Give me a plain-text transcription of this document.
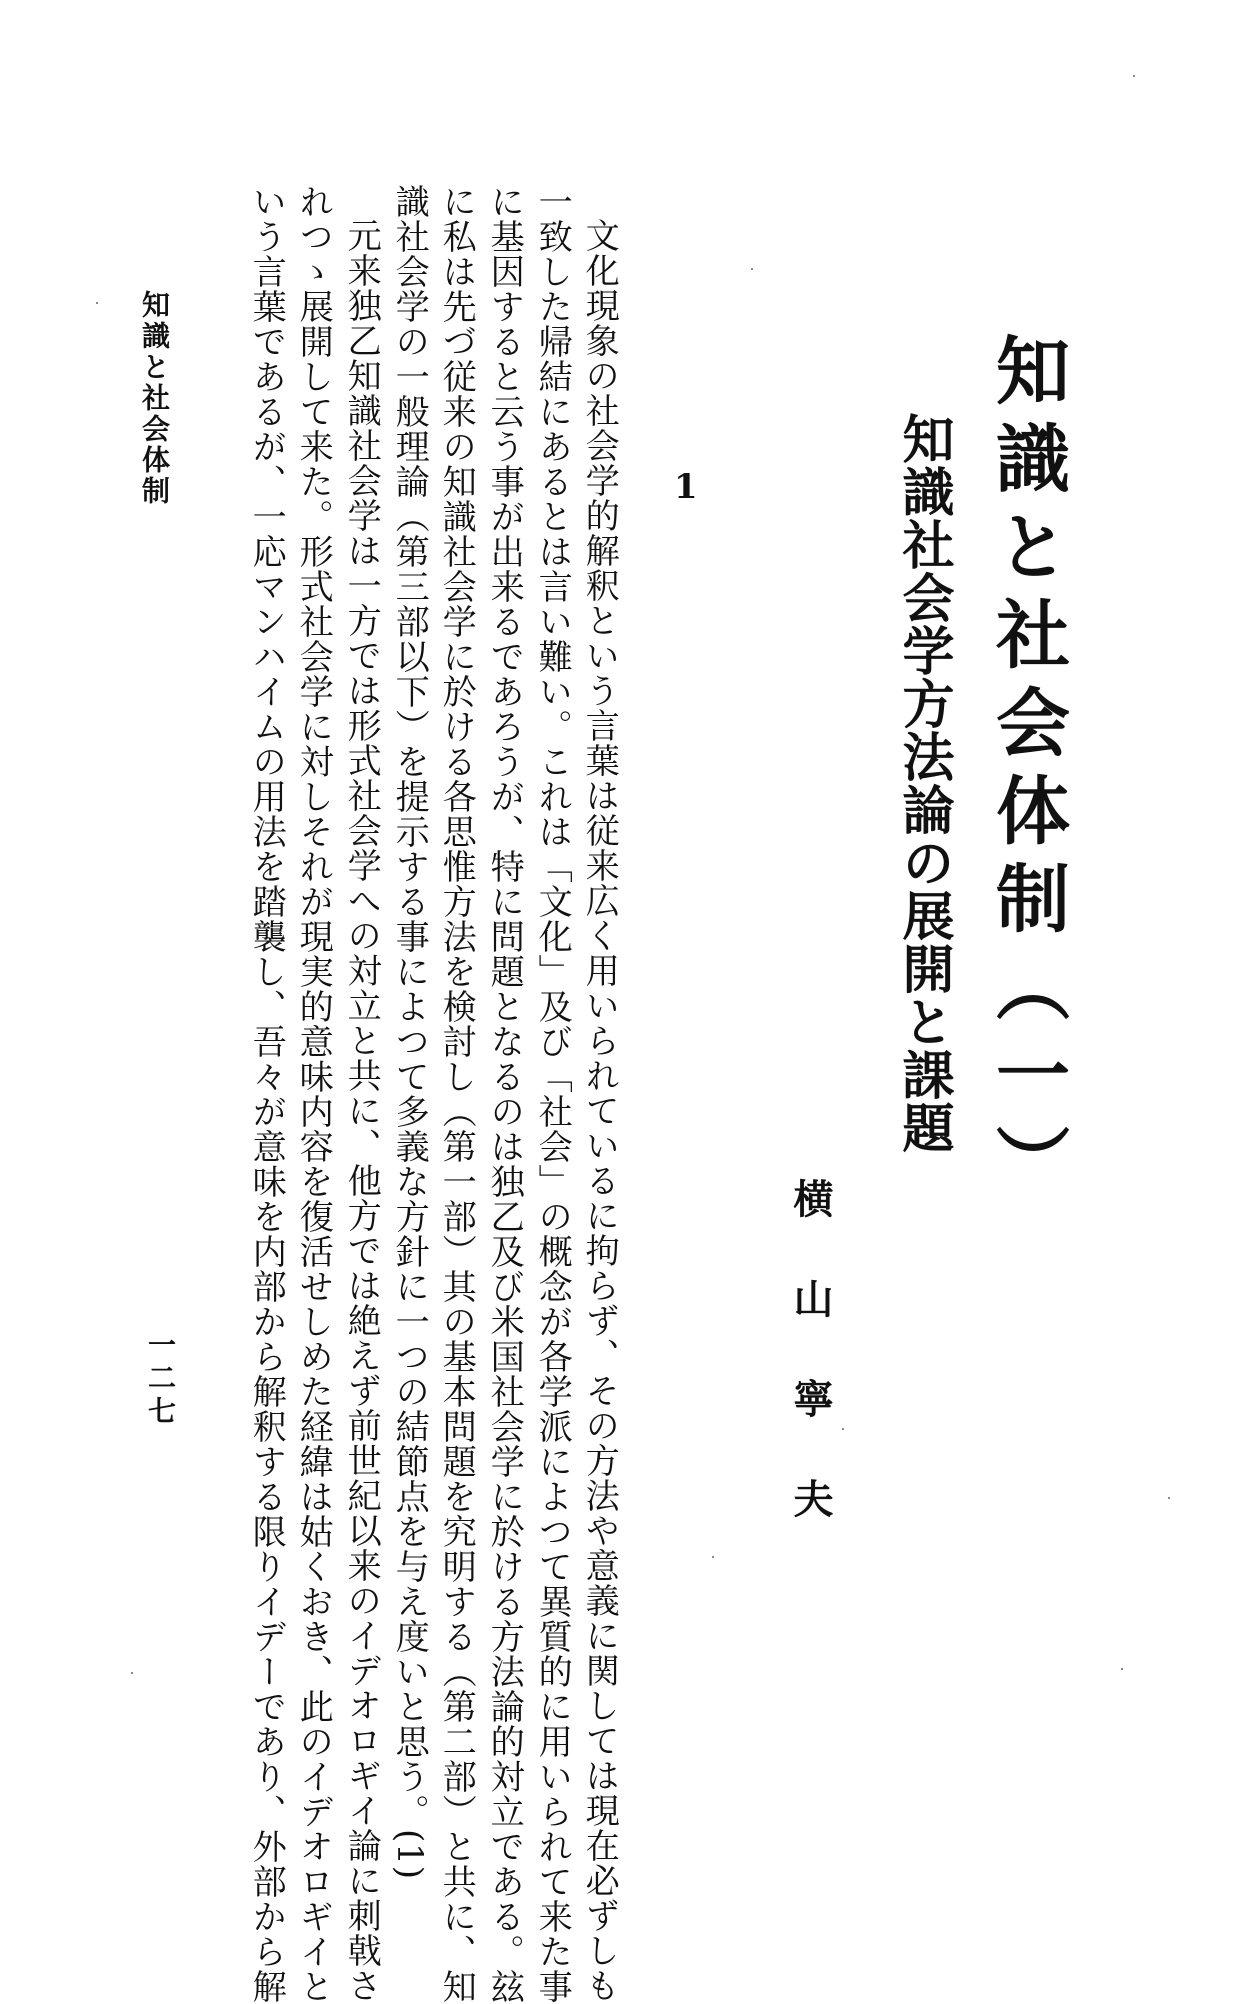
知識と社会体制（一）
知識社会学方法論の展開と課題
横山寧夫
1
文化現象の社会学的解釈という言葉は従来広く用いられているに拘らず、その方法や意義に関しては現在必ずしも
一致した帰結にあるとは言い難い。これは「文化」及び「社会」の概念が各学派によつて異質的に用いられて来た事
に基因すると云う事が出来るであろうが、特に問題となるのは独乙及び米国社会学に於ける方法論的対立である。玆
に私は先づ従来の知識社会学に於ける各思惟方法を検討し（第一部）其の基本問題を究明する（第二部）と共に、知
識社会学の一般理論（第三部以下）を提示する事によつて多義な方針に一つの結節点を与え度いと思う。(1)
元来独乙知識社会学は一方では形式社会学への対立と共に、他方では絶えず前世紀以来のイデオロギイ論に刺戟さ
れつゝ展開して来た。形式社会学に対しそれが現実的意味内容を復活せしめた経緯は姑くおき、此のイデオロギイと
いう言葉であるが、一応マンハイムの用法を踏襲し、吾々が意味を内部から解釈する限りイデーであり、外部から解
知識と社会体制
一二七
